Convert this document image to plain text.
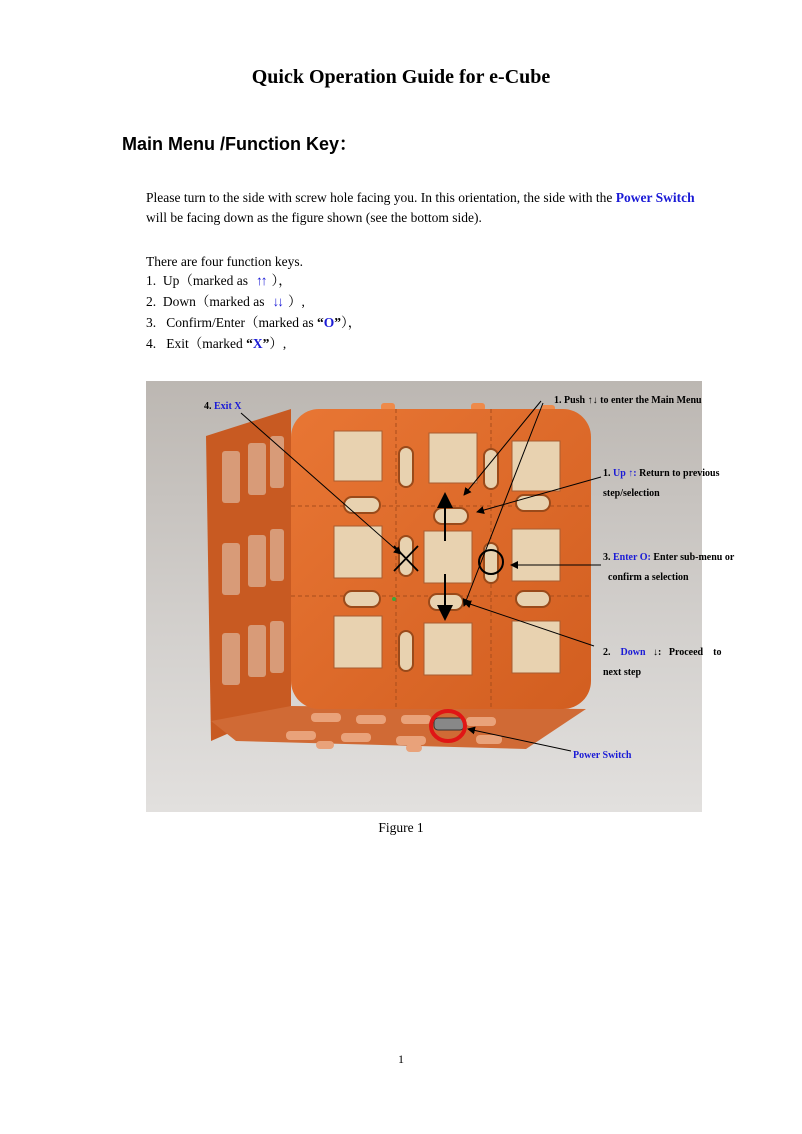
Quick Operation Guide for e-Cube
Main Menu /Function Key：
Please turn to the side with screw hole facing you. In this orientation, the side with the Power Switch will be facing down as the figure shown (see the bottom side).
There are four function keys.
1. Up（marked as ↑↑ ），
2. Down（marked as ↓↓ ）,
3. Confirm/Enter（marked as “O”），
4. Exit（marked “X”）,
4. Exit X
1. Push ↑↓ to enter the Main Menu
1. Up ↑: Return to previous
step/selection
3. Enter O: Enter sub-menu or
confirm a selection
2. Down ↓: Proceed to
next step
Power Switch
Figure 1
1
